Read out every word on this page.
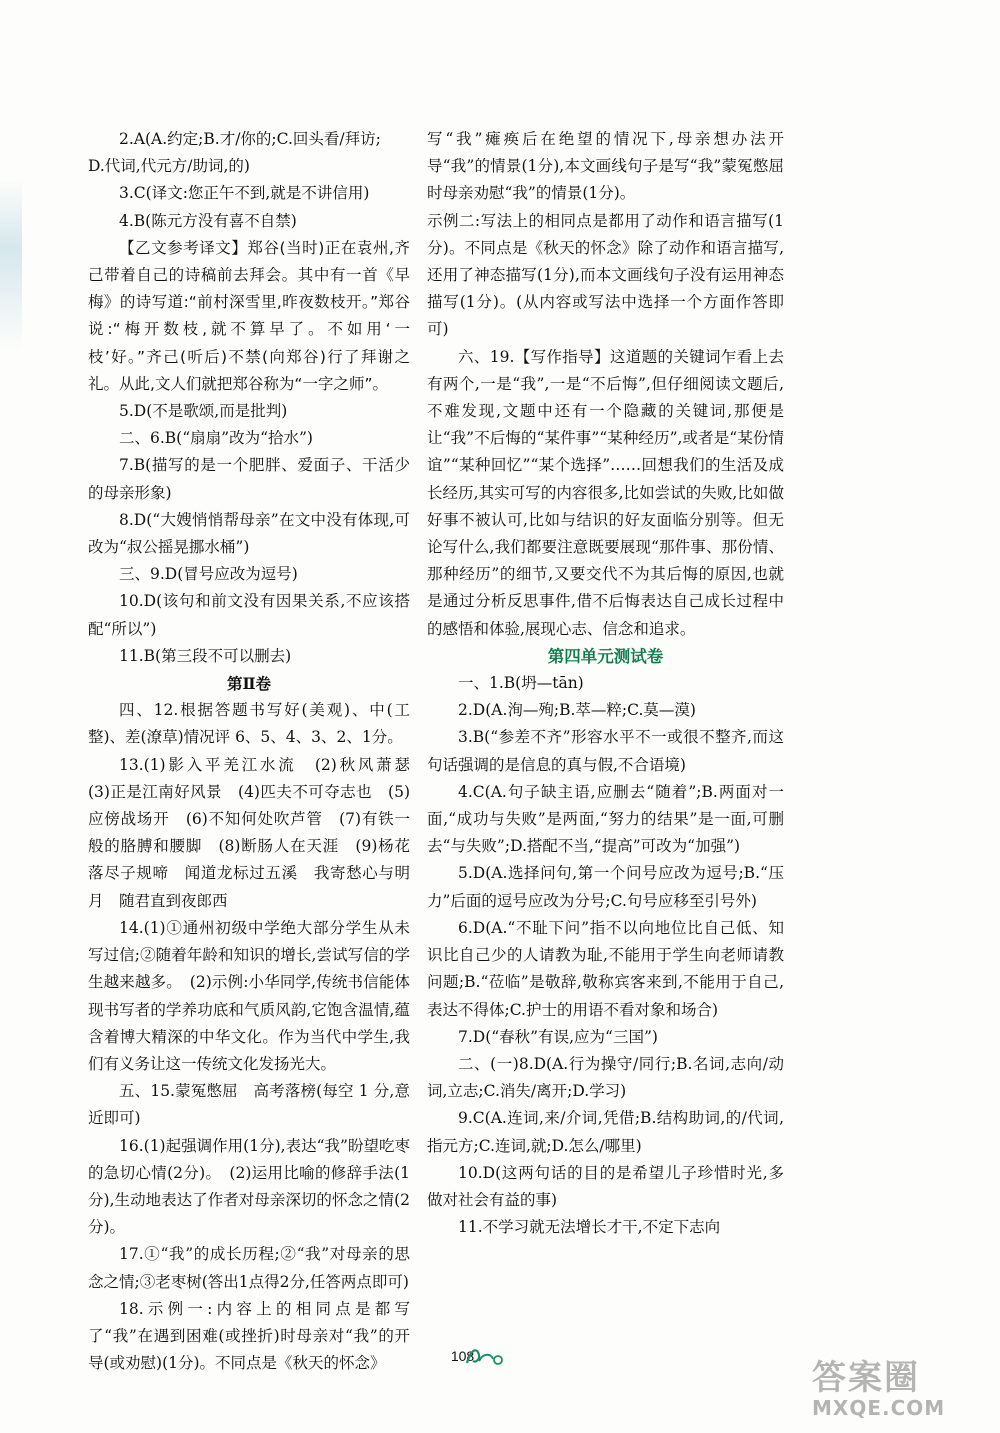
2.A(A.约定;B.才/你的;C.回头看/拜访;

D.代词,代元方/助词,的)

3.C(译文:您正午不到,就是不讲信用)

4.B(陈元方没有喜不自禁)

【乙文参考译文】郑谷(当时)正在袁州,齐己带着自己的诗稿前去拜会。其中有一首《早梅》的诗写道:“前村深雪里,昨夜数枝开。”郑谷说:“梅开数枝,就不算早了。不如用‘一枝’好。”齐己(听后)不禁(向郑谷)行了拜谢之礼。从此,文人们就把郑谷称为“一字之师”。

5.D(不是歌颂,而是批判)

二、6.B(“扇扇”改为“拾水”)

7.B(描写的是一个肥胖、爱面子、干活少的母亲形象)

8.D(“大嫂悄悄帮母亲”在文中没有体现,可改为“叔公摇晃挪水桶”)

三、9.D(冒号应改为逗号)

10.D(该句和前文没有因果关系,不应该搭配“所以”)

11.B(第三段不可以删去)

第Ⅱ卷

四、12.根据答题书写好(美观)、中(工整)、差(潦草)情况评 6、5、4、3、2、1分。

13.(1)影入平羌江水流　(2)秋风萧瑟　(3)正是江南好风景　(4)匹夫不可夺志也　(5)应傍战场开　(6)不知何处吹芦管　(7)有铁一般的胳膊和腰脚　(8)断肠人在天涯　(9)杨花落尽子规啼　闻道龙标过五溪　我寄愁心与明月　随君直到夜郎西

14.(1)①通州初级中学绝大部分学生从未写过信;②随着年龄和知识的增长,尝试写信的学生越来越多。　(2)示例:小华同学,传统书信能体现书写者的学养功底和气质风韵,它饱含温情,蕴含着博大精深的中华文化。作为当代中学生,我们有义务让这一传统文化发扬光大。

五、15.蒙冤憋屈　高考落榜(每空 1 分,意近即可)

16.(1)起强调作用(1分),表达“我”盼望吃枣的急切心情(2分)。　(2)运用比喻的修辞手法(1分),生动地表达了作者对母亲深切的怀念之情(2分)。

17.①“我”的成长历程;②“我”对母亲的思念之情;③老枣树(答出1点得2分,任答两点即可)

18.示例一:内容上的相同点是都写了“我”在遇到困难(或挫折)时母亲对“我”的开导(或劝慰)(1分)。不同点是《秋天的怀念》

写“我”瘫痪后在绝望的情况下,母亲想办法开导“我”的情景(1分),本文画线句子是写“我”蒙冤憋屈时母亲劝慰“我”的情景(1分)。

示例二:写法上的相同点是都用了动作和语言描写(1分)。不同点是《秋天的怀念》除了动作和语言描写,还用了神态描写(1分),而本文画线句子没有运用神态描写(1分)。(从内容或写法中选择一个方面作答即可)

六、19.【写作指导】这道题的关键词乍看上去有两个,一是“我”,一是“不后悔”,但仔细阅读文题后,不难发现,文题中还有一个隐藏的关键词,那便是让“我”不后悔的“某件事”“某种经历”,或者是“某份情谊”“某种回忆”“某个选择”……回想我们的生活及成长经历,其实可写的内容很多,比如尝试的失败,比如做好事不被认可,比如与结识的好友面临分别等。但无论写什么,我们都要注意既要展现“那件事、那份情、那种经历”的细节,又要交代不为其后悔的原因,也就是通过分析反思事件,借不后悔表达自己成长过程中的感悟和体验,展现心志、信念和追求。

第四单元测试卷

一、1.B(坍—tān)

2.D(A.洵—殉;B.萃—粹;C.莫—漠)

3.B(“参差不齐”形容水平不一或很不整齐,而这句话强调的是信息的真与假,不合语境)

4.C(A.句子缺主语,应删去“随着”;B.两面对一面,“成功与失败”是两面,“努力的结果”是一面,可删去“与失败”;D.搭配不当,“提高”可改为“加强”)

5.D(A.选择问句,第一个问号应改为逗号;B.“压力”后面的逗号应改为分号;C.句号应移至引号外)

6.D(A.“不耻下问”指不以向地位比自己低、知识比自己少的人请教为耻,不能用于学生向老师请教问题;B.“莅临”是敬辞,敬称宾客来到,不能用于自己,表达不得体;C.护士的用语不看对象和场合)

7.D(“春秋”有误,应为“三国”)

二、(一)8.D(A.行为操守/同行;B.名词,志向/动词,立志;C.消失/离开;D.学习)

9.C(A.连词,来/介词,凭借;B.结构助词,的/代词,指元方;C.连词,就;D.怎么/哪里)

10.D(这两句话的目的是希望儿子珍惜时光,多做对社会有益的事)

11.不学习就无法增长才干,不定下志向

108
答案圈
MXQE.COM
